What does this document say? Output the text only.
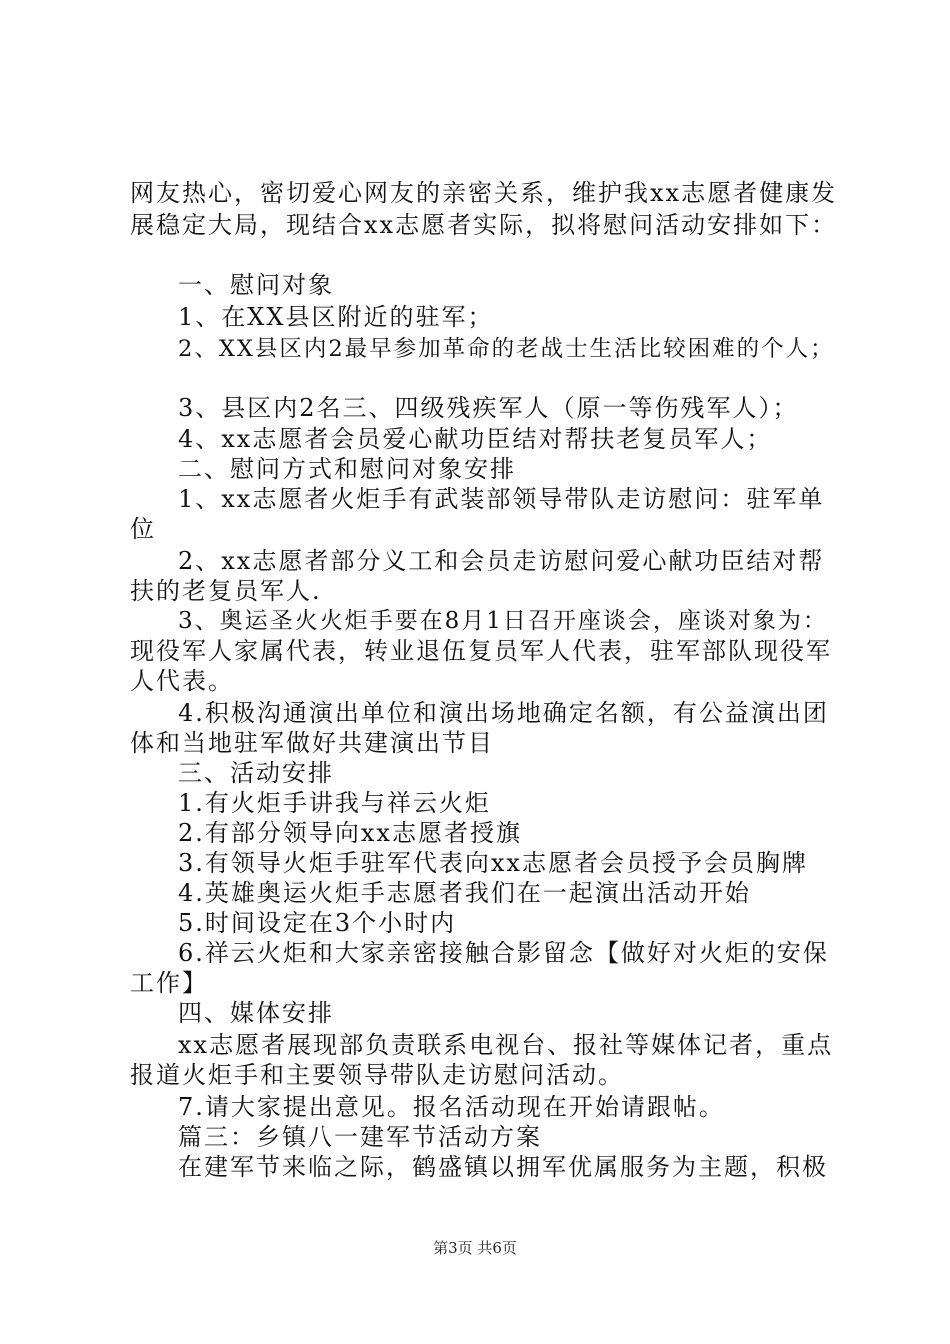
网友热心，密切爱心网友的亲密关系，维护我xx志愿者健康发
展稳定大局，现结合xx志愿者实际，拟将慰问活动安排如下：
一、慰问对象
1、在XX县区附近的驻军；
2、XX县区内2最早参加革命的老战士生活比较困难的个人；
3、县区内2名三、四级残疾军人（原一等伤残军人）；
4、xx志愿者会员爱心献功臣结对帮扶老复员军人；
二、慰问方式和慰问对象安排
1、xx志愿者火炬手有武装部领导带队走访慰问：驻军单
位
2、xx志愿者部分义工和会员走访慰问爱心献功臣结对帮
扶的老复员军人.
3、奥运圣火火炬手要在8月1日召开座谈会，座谈对象为：
现役军人家属代表，转业退伍复员军人代表，驻军部队现役军
人代表。
4.积极沟通演出单位和演出场地确定名额，有公益演出团
体和当地驻军做好共建演出节目
三、活动安排
1.有火炬手讲我与祥云火炬
2.有部分领导向xx志愿者授旗
3.有领导火炬手驻军代表向xx志愿者会员授予会员胸牌
4.英雄奥运火炬手志愿者我们在一起演出活动开始
5.时间设定在3个小时内
6.祥云火炬和大家亲密接触合影留念【做好对火炬的安保
工作】
四、媒体安排
xx志愿者展现部负责联系电视台、报社等媒体记者，重点
报道火炬手和主要领导带队走访慰问活动。
7.请大家提出意见。报名活动现在开始请跟帖。
篇三：乡镇八一建军节活动方案
在建军节来临之际，鹤盛镇以拥军优属服务为主题，积极
第3页 共6页
